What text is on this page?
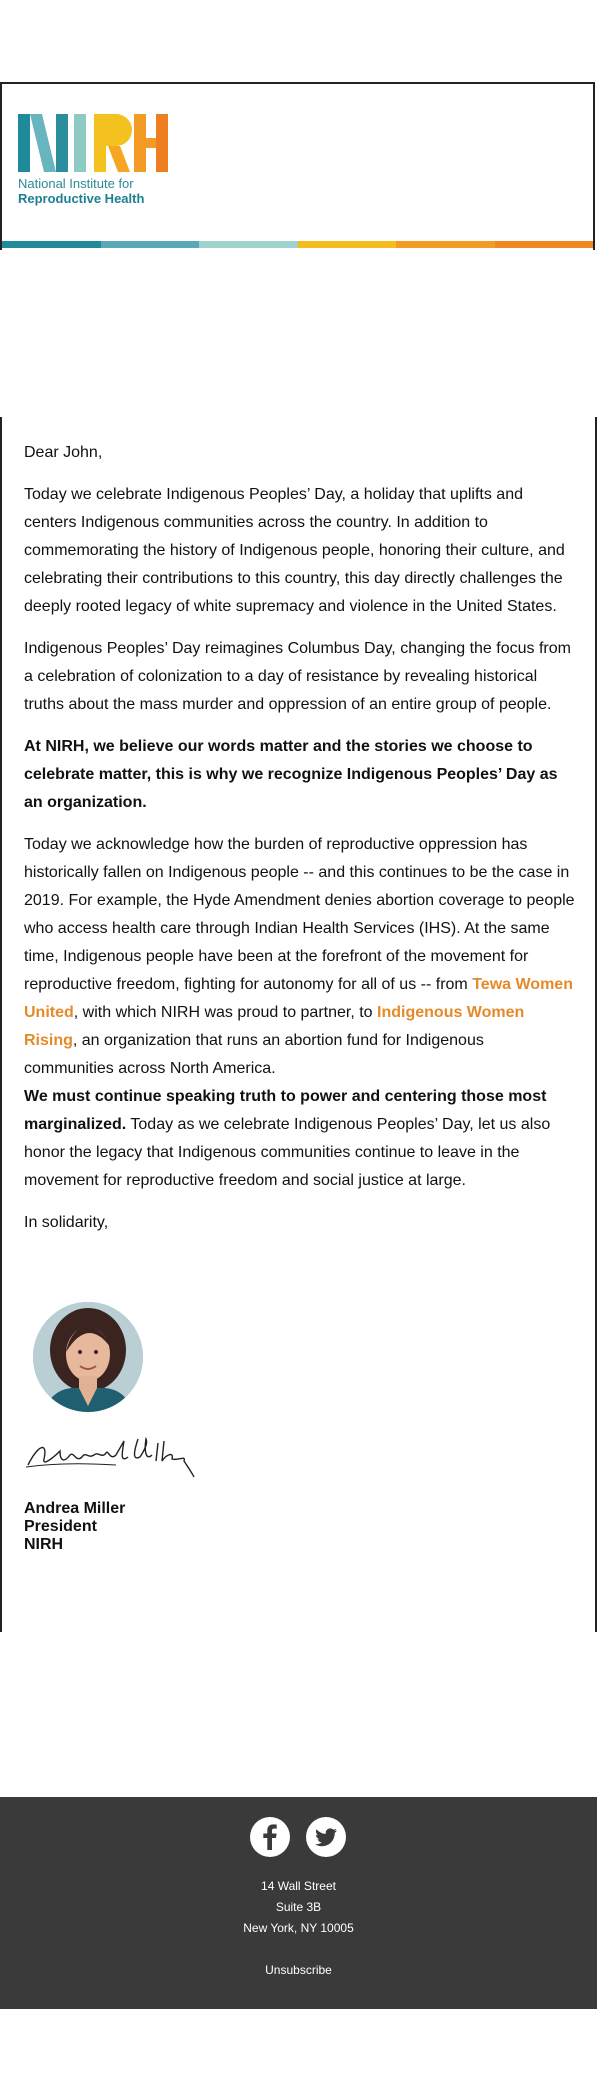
National Institute for
Reproductive Health

Dear John,

Today we celebrate Indigenous Peoples’ Day, a holiday that uplifts and centers Indigenous communities across the country. In addition to commemorating the history of Indigenous people, honoring their culture, and celebrating their contributions to this country, this day directly challenges the deeply rooted legacy of white supremacy and violence in the United States.

Indigenous Peoples’ Day reimagines Columbus Day, changing the focus from a celebration of colonization to a day of resistance by revealing historical truths about the mass murder and oppression of an entire group of people.

At NIRH, we believe our words matter and the stories we choose to celebrate matter, this is why we recognize Indigenous Peoples’ Day as an organization.

Today we acknowledge how the burden of reproductive oppression has historically fallen on Indigenous people -- and this continues to be the case in 2019. For example, the Hyde Amendment denies abortion coverage to people who access health care through Indian Health Services (IHS). At the same time, Indigenous people have been at the forefront of the movement for reproductive freedom, fighting for autonomy for all of us -- from Tewa Women United, with which NIRH was proud to partner, to Indigenous Women Rising, an organization that runs an abortion fund for Indigenous communities across North America.

We must continue speaking truth to power and centering those most marginalized. Today as we celebrate Indigenous Peoples’ Day, let us also honor the legacy that Indigenous communities continue to leave in the movement for reproductive freedom and social justice at large.

In solidarity,

Andrea Miller
President
NIRH
14 Wall Street
Suite 3B
New York, NY 10005
Unsubscribe
